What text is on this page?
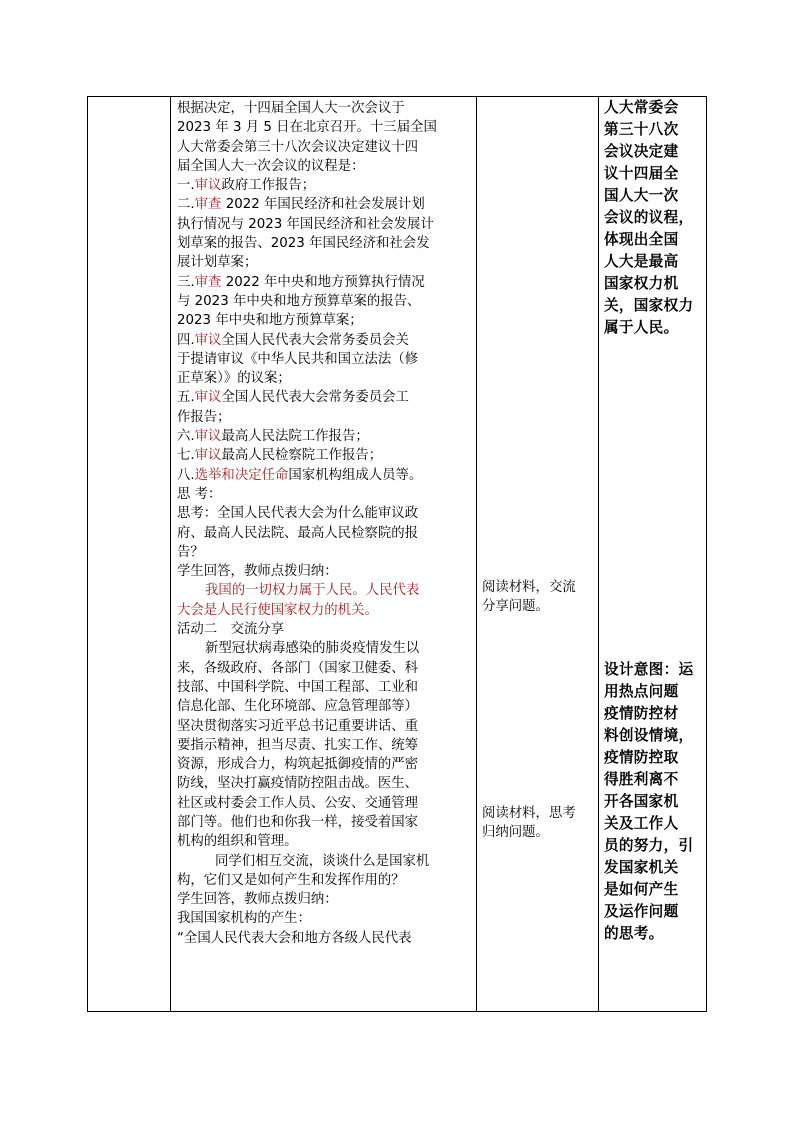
根据决定，十四届全国人大一次会议于
2023 年 3 月 5 日在北京召开。十三届全国
人大常委会第三十八次会议决定建议十四
届全国人大一次会议的议程是：
一.审议政府工作报告；
二.审查 2022 年国民经济和社会发展计划
执行情况与 2023 年国民经济和社会发展计
划草案的报告、2023 年国民经济和社会发
展计划草案；
三.审查 2022 年中央和地方预算执行情况
与 2023 年中央和地方预算草案的报告、
2023 年中央和地方预算草案；
四.审议全国人民代表大会常务委员会关
于提请审议《中华人民共和国立法法（修
正草案）》的议案；
五.审议全国人民代表大会常务委员会工
作报告；
六.审议最高人民法院工作报告；
七.审议最高人民检察院工作报告；
八.选举和决定任命国家机构组成人员等。
思 考：
思考：全国人民代表大会为什么能审议政
府、最高人民法院、最高人民检察院的报
告？
学生回答，教师点拨归纳：
我国的一切权力属于人民。人民代表
大会是人民行使国家权力的机关。
活动二　交流分享
新型冠状病毒感染的肺炎疫情发生以
来，各级政府、各部门（国家卫健委、科
技部、中国科学院、中国工程部、工业和
信息化部、生化环境部、应急管理部等）
坚决贯彻落实习近平总书记重要讲话、重
要指示精神，担当尽责、扎实工作、统筹
资源，形成合力，构筑起抵御疫情的严密
防线，坚决打赢疫情防控阻击战。医生、
社区或村委会工作人员、公安、交通管理
部门等。他们也和你我一样，接受着国家
机构的组织和管理。
同学们相互交流，谈谈什么是国家机
构，它们又是如何产生和发挥作用的？
学生回答，教师点拨归纳：
我国国家机构的产生：
“全国人民代表大会和地方各级人民代表
阅读材料，交流
分享问题。
阅读材料，思考
归纳问题。
人大常委会
第三十八次
会议决定建
议十四届全
国人大一次
会议的议程，
体现出全国
人大是最高
国家权力机
关，国家权力
属于人民。
设计意图：运
用热点问题
疫情防控材
料创设情境，
疫情防控取
得胜利离不
开各国家机
关及工作人
员的努力，引
发国家机关
是如何产生
及运作问题
的思考。
